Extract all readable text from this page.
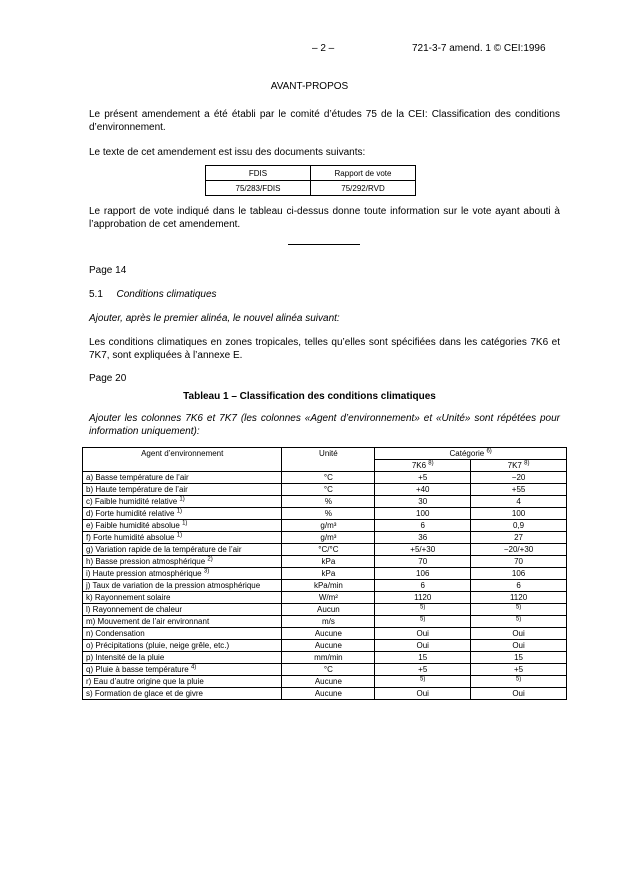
– 2 –	721-3-7 amend. 1 © CEI:1996
AVANT-PROPOS
Le présent amendement a été établi par le comité d’études 75 de la CEI: Classification des conditions d’environnement.
Le texte de cet amendement est issu des documents suivants:
FDIS	Rapport de vote
75/283/FDIS	75/292/RVD
Le rapport de vote indiqué dans le tableau ci-dessus donne toute information sur le vote ayant abouti à l’approbation de cet amendement.
Page 14
5.1 Conditions climatiques
Ajouter, après le premier alinéa, le nouvel alinéa suivant:
Les conditions climatiques en zones tropicales, telles qu’elles sont spécifiées dans les catégories 7K6 et 7K7, sont expliquées à l’annexe E.
Page 20
Tableau 1 – Classification des conditions climatiques
Ajouter les colonnes 7K6 et 7K7 (les colonnes «Agent d’environnement» et «Unité» sont répétées pour information uniquement):
Agent d’environnement	Unité	Catégorie $^{6)}$
		7K6 $^{8)}$	7K7 $^{8)}$
a) Basse température de l’air	°C	+5	−20
b) Haute température de l’air	°C	+40	+55
c) Faible humidité relative $^{1)}$	%	30	4
d) Forte humidité relative $^{1)}$	%	100	100
e) Faible humidité absolue $^{1)}$	g/m³	6	0,9
f) Forte humidité absolue $^{1)}$	g/m³	36	27
g) Variation rapide de la température de l’air	°C/°C	+5/+30	−20/+30
h) Basse pression atmosphérique $^{2)}$	kPa	70	70
i) Haute pression atmosphérique $^{3)}$	kPa	106	106
j) Taux de variation de la pression atmosphérique	kPa/min	6	6
k) Rayonnement solaire	W/m²	1120	1120
l) Rayonnement de chaleur	Aucun	$^{5)}$	$^{5)}$
m) Mouvement de l’air environnant	m/s	$^{5)}$	$^{5)}$
n) Condensation	Aucune	Oui	Oui
o) Précipitations (pluie, neige grêle, etc.)	Aucune	Oui	Oui
p) Intensité de la pluie	mm/min	15	15
q) Pluie à basse température $^{4)}$	°C	+5	+5
r) Eau d’autre origine que la pluie	Aucune	$^{5)}$	$^{5)}$
s) Formation de glace et de givre	Aucune	Oui	Oui
